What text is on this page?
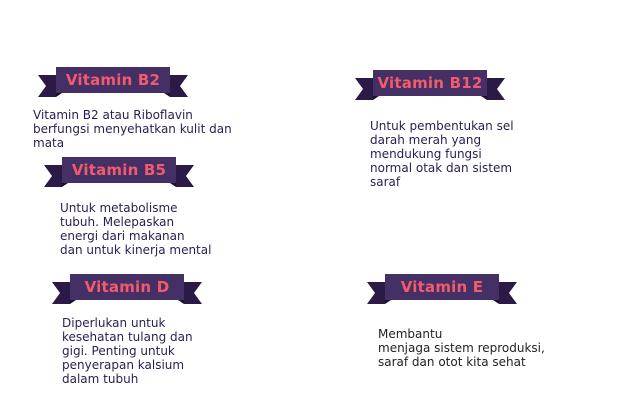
Vitamin B2
Vitamin B2 atau Riboflavin
berfungsi menyehatkan kulit dan
mata
Vitamin B12
Untuk pembentukan sel
darah merah yang
mendukung fungsi
normal otak dan sistem
saraf
Vitamin B5
Untuk metabolisme
tubuh. Melepaskan
energi dari makanan
dan untuk kinerja mental
Vitamin D
Diperlukan untuk
kesehatan tulang dan
gigi. Penting untuk
penyerapan kalsium
dalam tubuh
Vitamin E
Membantu
menjaga sistem reproduksi,
saraf dan otot kita sehat
